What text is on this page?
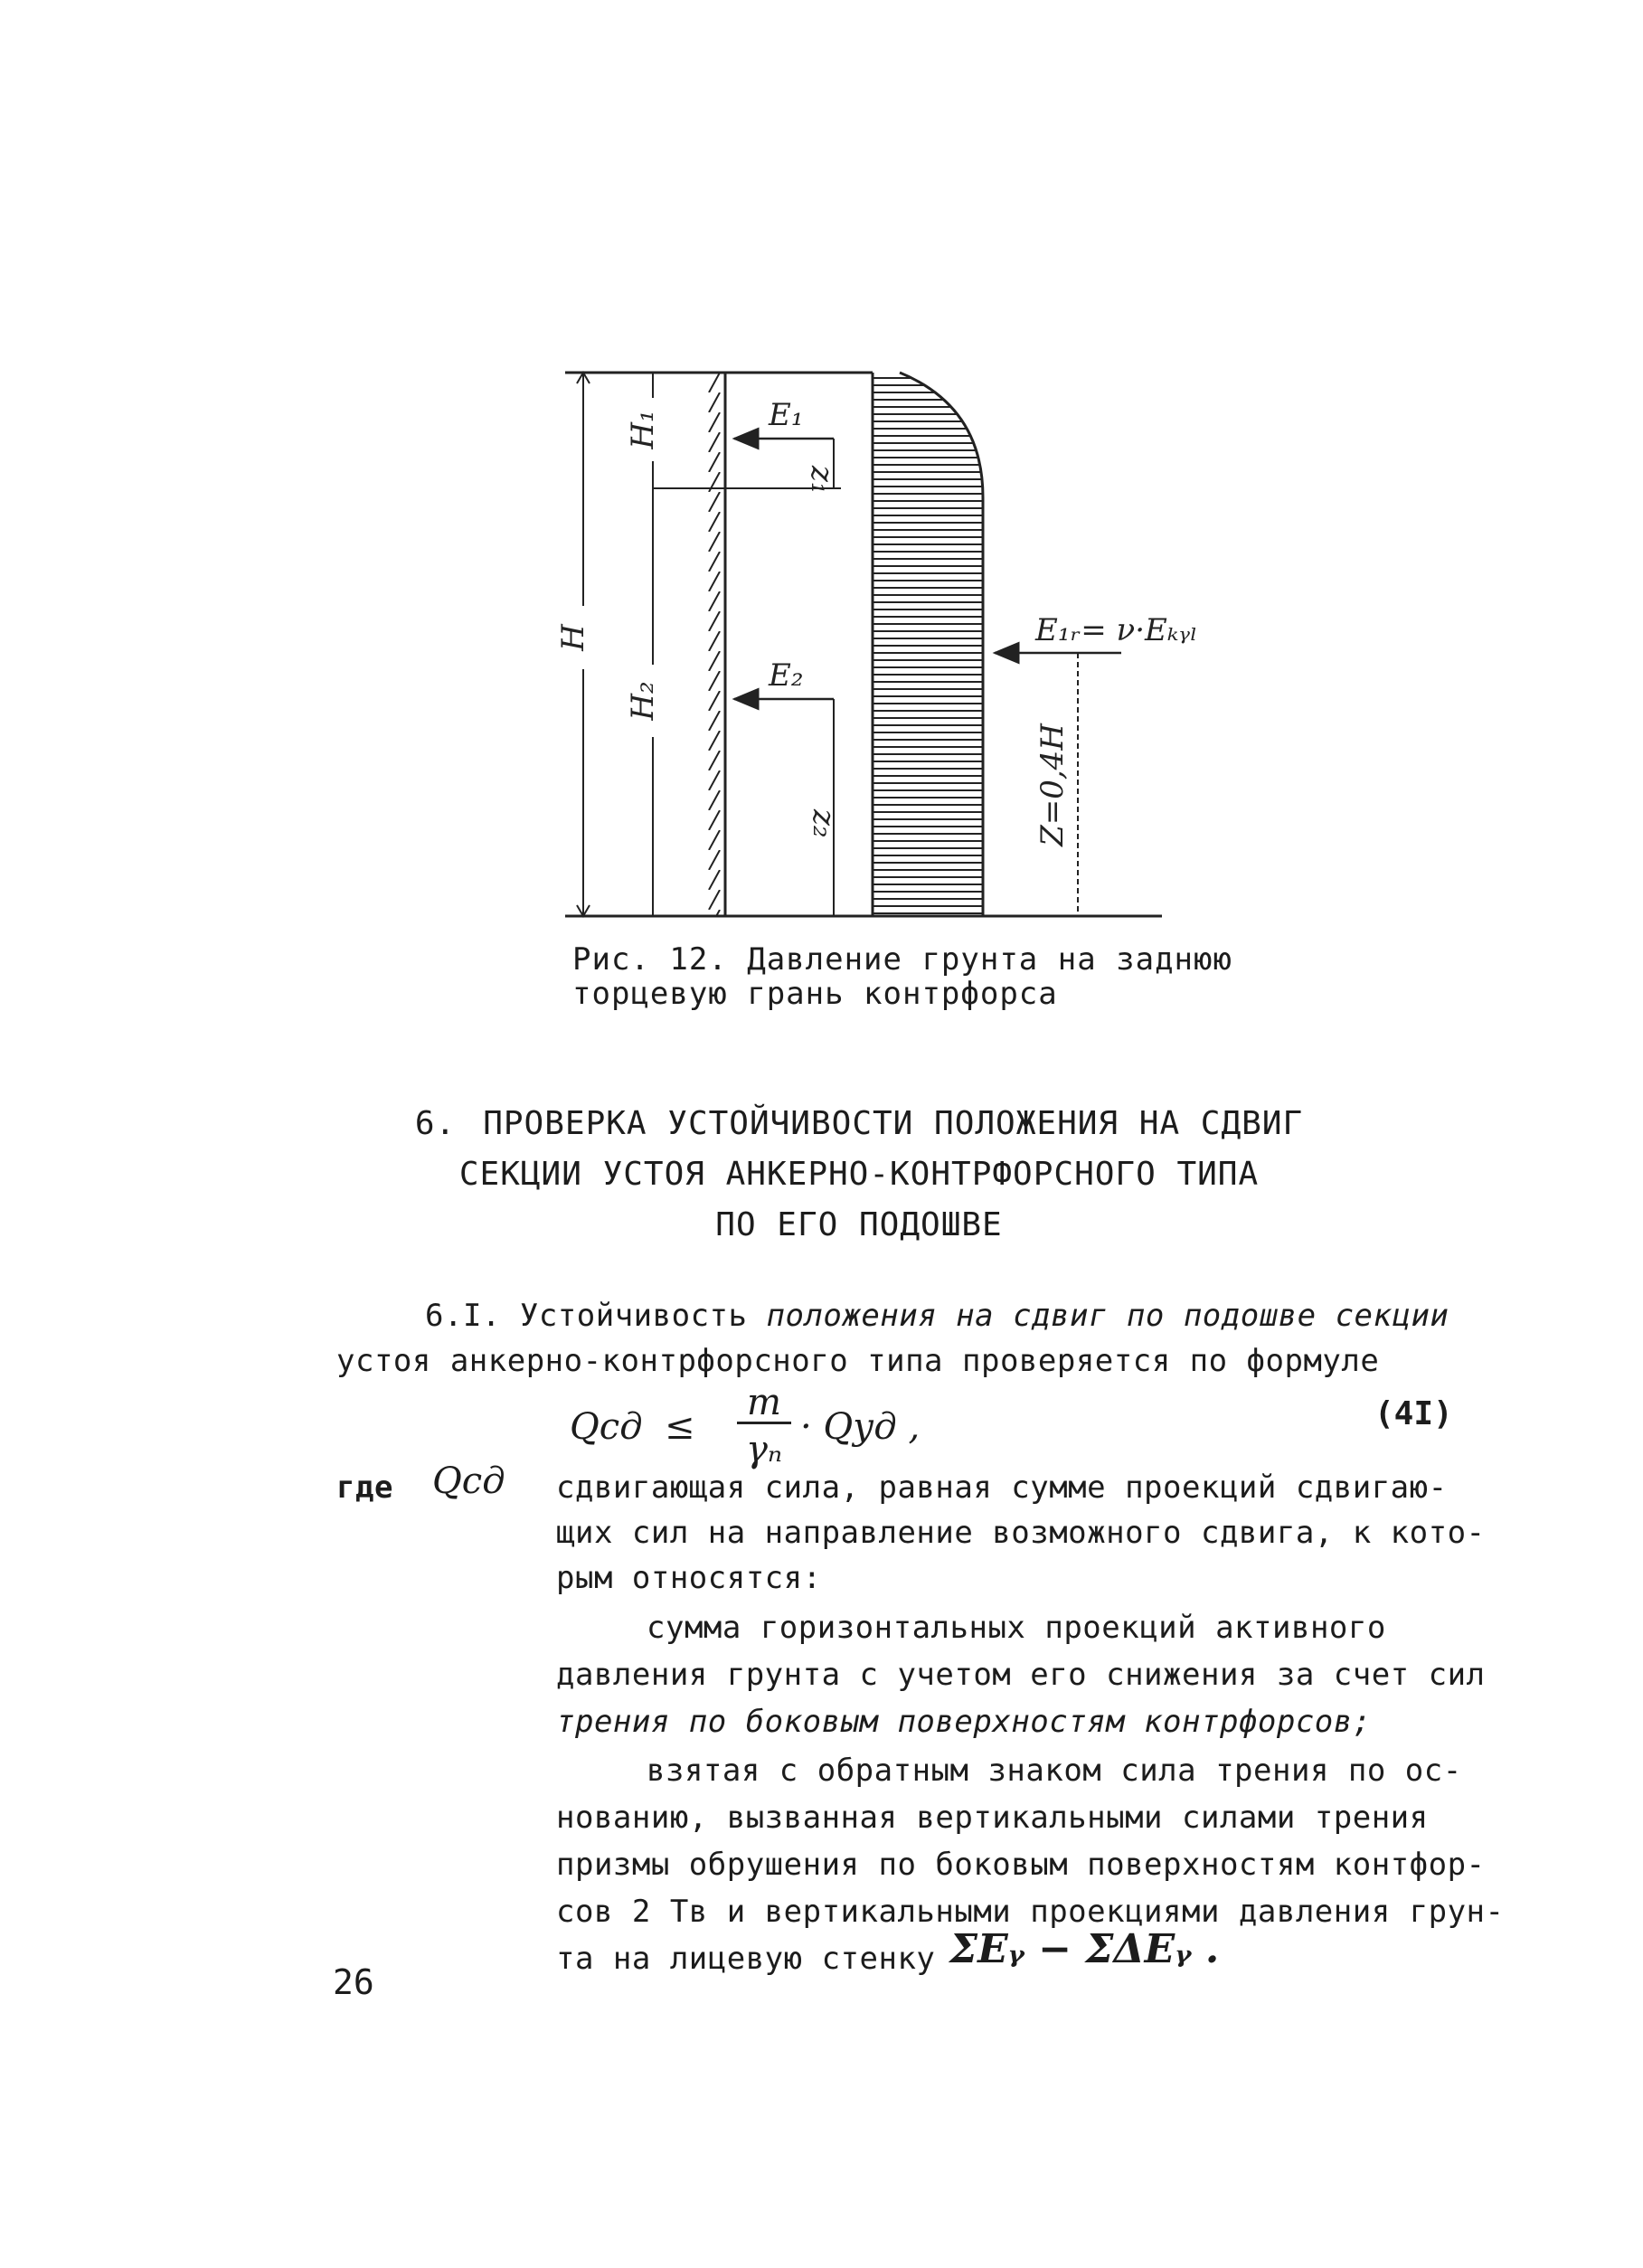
H
H₁
H₂
E₁
z₁
E₂
z₂
E₁ᵣ= ν·Eₖᵧₗ
Z=0,4H
Рис. 12. Давление грунта на заднюю
торцевую грань контрфорса
6. ПРОВЕРКА УСТОЙЧИВОСТИ ПОЛОЖЕНИЯ НА СДВИГ
СЕКЦИИ УСТОЯ АНКЕРНО-КОНТРФОРСНОГО ТИПА
ПО ЕГО ПОДОШВЕ
6.I. Устойчивость положения на сдвиг по подошве секции
устоя анкерно-контрфорсного типа проверяется по формуле
Qсд ≤
m
γₙ
· Qуд ,	(4I)
где Qсд сдвигающая сила, равная сумме проекций сдвигаю-
щих сил на направление возможного сдвига, к кото-
рым относятся:
сумма горизонтальных проекций активного
давления грунта с учетом его снижения за счет сил
трения по боковым поверхностям контрфорсов;
взятая с обратным знаком сила трения по ос-
нованию, вызванная вертикальными силами трения
призмы обрушения по боковым поверхностям контфор-
сов 2 Tв и вертикальными проекциями давления грун-
та на лицевую стенку ΣEᵧ − ΣΔEᵧ .
26
